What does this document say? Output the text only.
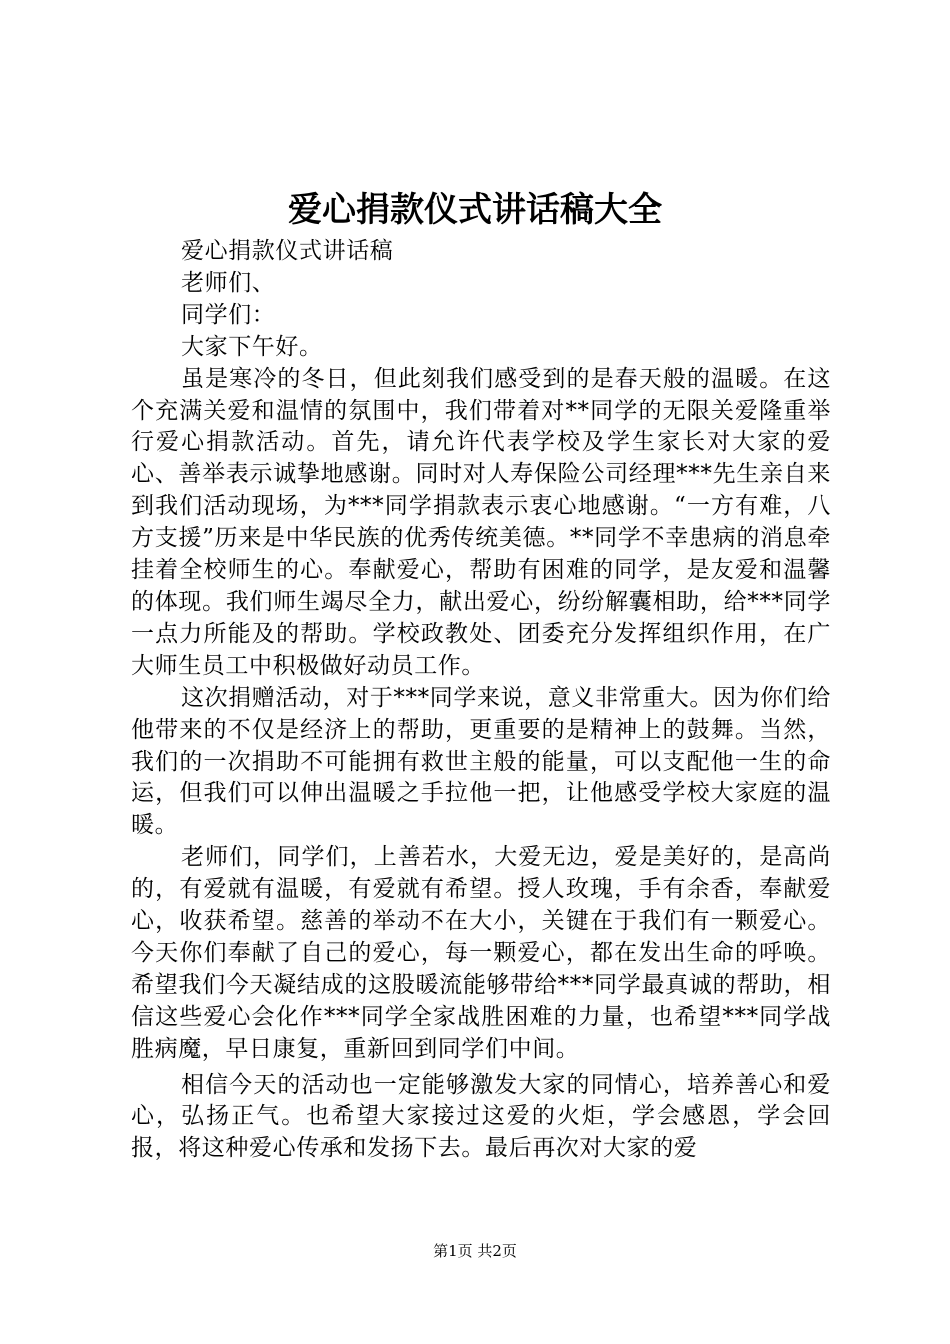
爱心捐款仪式讲话稿大全

爱心捐款仪式讲话稿

老师们、

同学们：

大家下午好。

虽是寒冷的冬日，但此刻我们感受到的是春天般的温暖。在这个充满关爱和温情的氛围中，我们带着对**同学的无限关爱隆重举行爱心捐款活动。首先，请允许代表学校及学生家长对大家的爱心、善举表示诚挚地感谢。同时对人寿保险公司经理***先生亲自来到我们活动现场，为***同学捐款表示衷心地感谢。“一方有难，八方支援”历来是中华民族的优秀传统美德。**同学不幸患病的消息牵挂着全校师生的心。奉献爱心，帮助有困难的同学，是友爱和温馨的体现。我们师生竭尽全力，献出爱心，纷纷解囊相助，给***同学一点力所能及的帮助。学校政教处、团委充分发挥组织作用，在广大师生员工中积极做好动员工作。

这次捐赠活动，对于***同学来说，意义非常重大。因为你们给他带来的不仅是经济上的帮助，更重要的是精神上的鼓舞。当然，我们的一次捐助不可能拥有救世主般的能量，可以支配他一生的命运，但我们可以伸出温暖之手拉他一把，让他感受学校大家庭的温暖。

老师们，同学们，上善若水，大爱无边，爱是美好的，是高尚的，有爱就有温暖，有爱就有希望。授人玫瑰，手有余香，奉献爱心，收获希望。慈善的举动不在大小，关键在于我们有一颗爱心。今天你们奉献了自己的爱心，每一颗爱心，都在发出生命的呼唤。希望我们今天凝结成的这股暖流能够带给***同学最真诚的帮助，相信这些爱心会化作***同学全家战胜困难的力量，也希望***同学战胜病魔，早日康复，重新回到同学们中间。

相信今天的活动也一定能够激发大家的同情心，培养善心和爱心，弘扬正气。也希望大家接过这爱的火炬，学会感恩，学会回报，将这种爱心传承和发扬下去。最后再次对大家的爱

第1页 共2页
